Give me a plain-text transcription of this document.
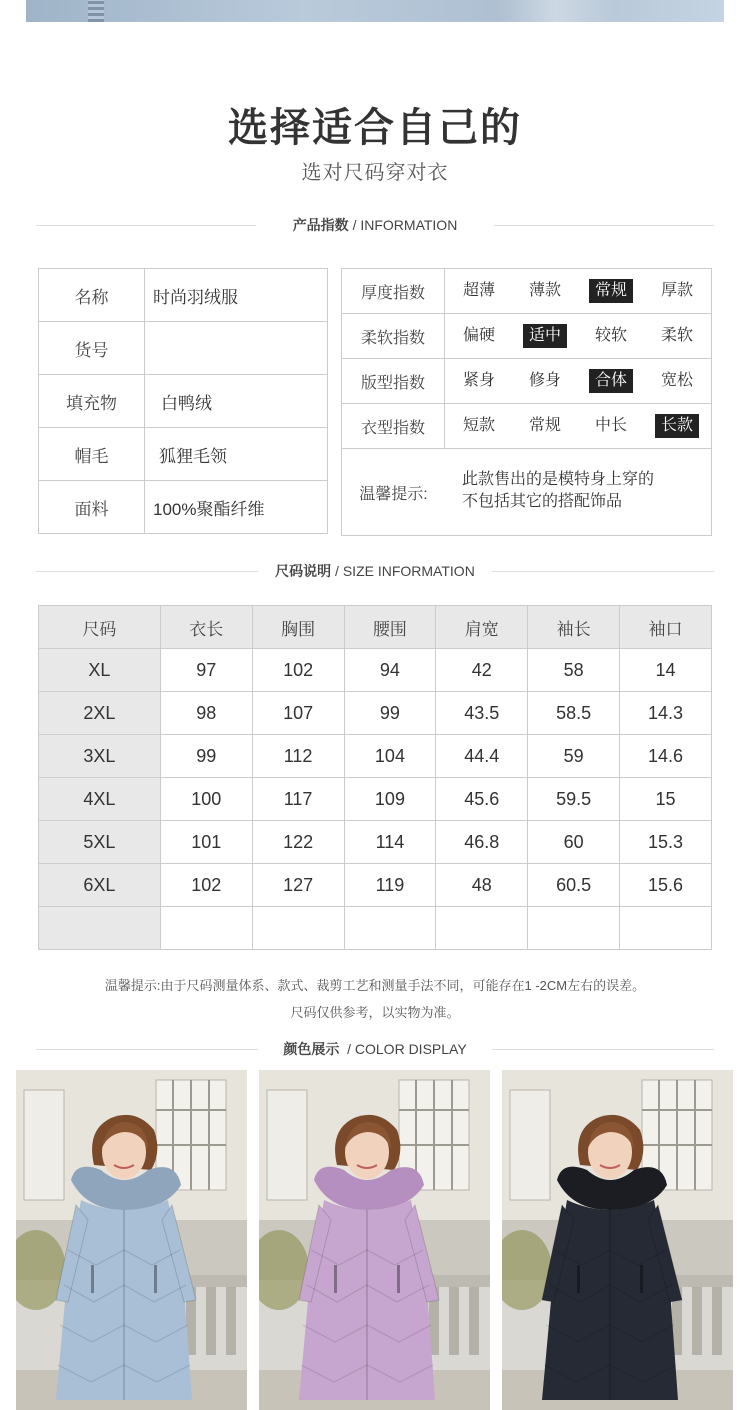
选择适合自己的
选对尺码穿对衣
产品指数 / INFORMATION
名称	时尚羽绒服
货号
填充物	白鸭绒
帽毛	狐狸毛领
面料	100%聚酯纤维
厚度指数	超薄	薄款	常规	厚款
柔软指数	偏硬	适中	较软	柔软
版型指数	紧身	修身	合体	宽松
衣型指数	短款	常规	中长	长款
温馨提示:
此款售出的是模特身上穿的
不包括其它的搭配饰品
尺码说明 / SIZE INFORMATION
尺码	衣长	胸围	腰围	肩宽	袖长	袖口
XL	97	102	94	42	58	14
2XL	98	107	99	43.5	58.5	14.3
3XL	99	112	104	44.4	59	14.6
4XL	100	117	109	45.6	59.5	15
5XL	101	122	114	46.8	60	15.3
6XL	102	127	119	48	60.5	15.6

温馨提示:由于尺码测量体系、款式、裁剪工艺和测量手法不同，可能存在1 -2CM左右的误差。
尺码仅供参考，以实物为准。
颜色展示  / COLOR DISPLAY
